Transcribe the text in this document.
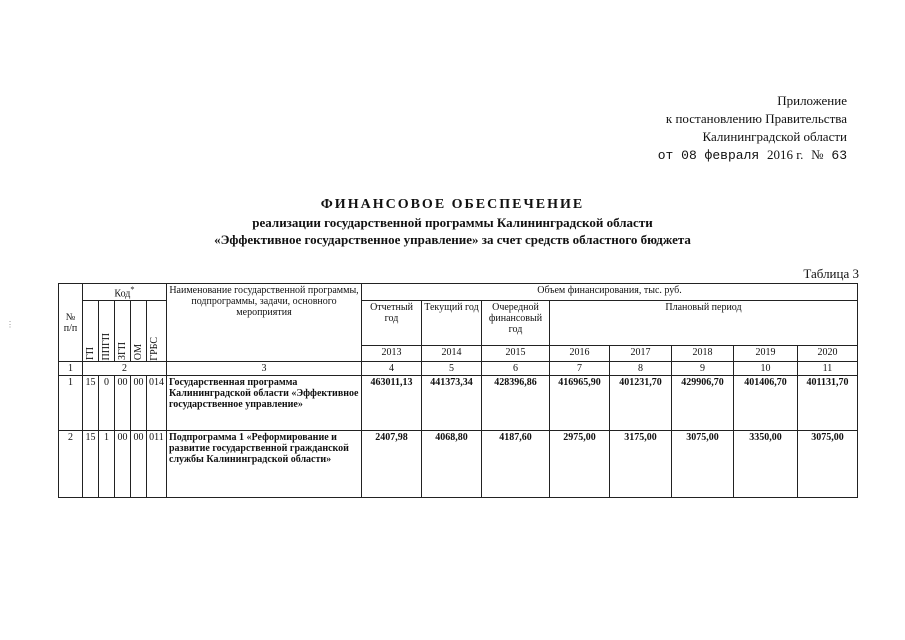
Приложение
к постановлению Правительства
Калининградской области
от 08 февраля 2016 г. № 63
ФИНАНСОВОЕ ОБЕСПЕЧЕНИЕ
реализации государственной программы Калининградской области
«Эффективное государственное управление» за счет средств областного бюджета
Таблица 3
⋮
№ п/п	Код*					Наименование государственной программы, подпрограммы, задачи, основного мероприятия	Объем финансирования, тыс. руб.							

	ГП	ППГП	ЗГП	ОМ	ГРБС		Отчетный год	Текущий год	Очередной финансовый год	Плановый период				
							2013	2014	2015	2016	2017	2018	2019	2020
1	2					3	4	5	6	7	8	9	10	11
1	15	0	00	00	014	Государственная программа Калининградской области «Эффективное государственное управление»	463011,13	441373,34	428396,86	416965,90	401231,70	429906,70	401406,70	401131,70
2	15	1	00	00	011	Подпрограмма 1 «Реформирование и развитие государственной гражданской службы Калининградской области»	2407,98	4068,80	4187,60	2975,00	3175,00	3075,00	3350,00	3075,00
